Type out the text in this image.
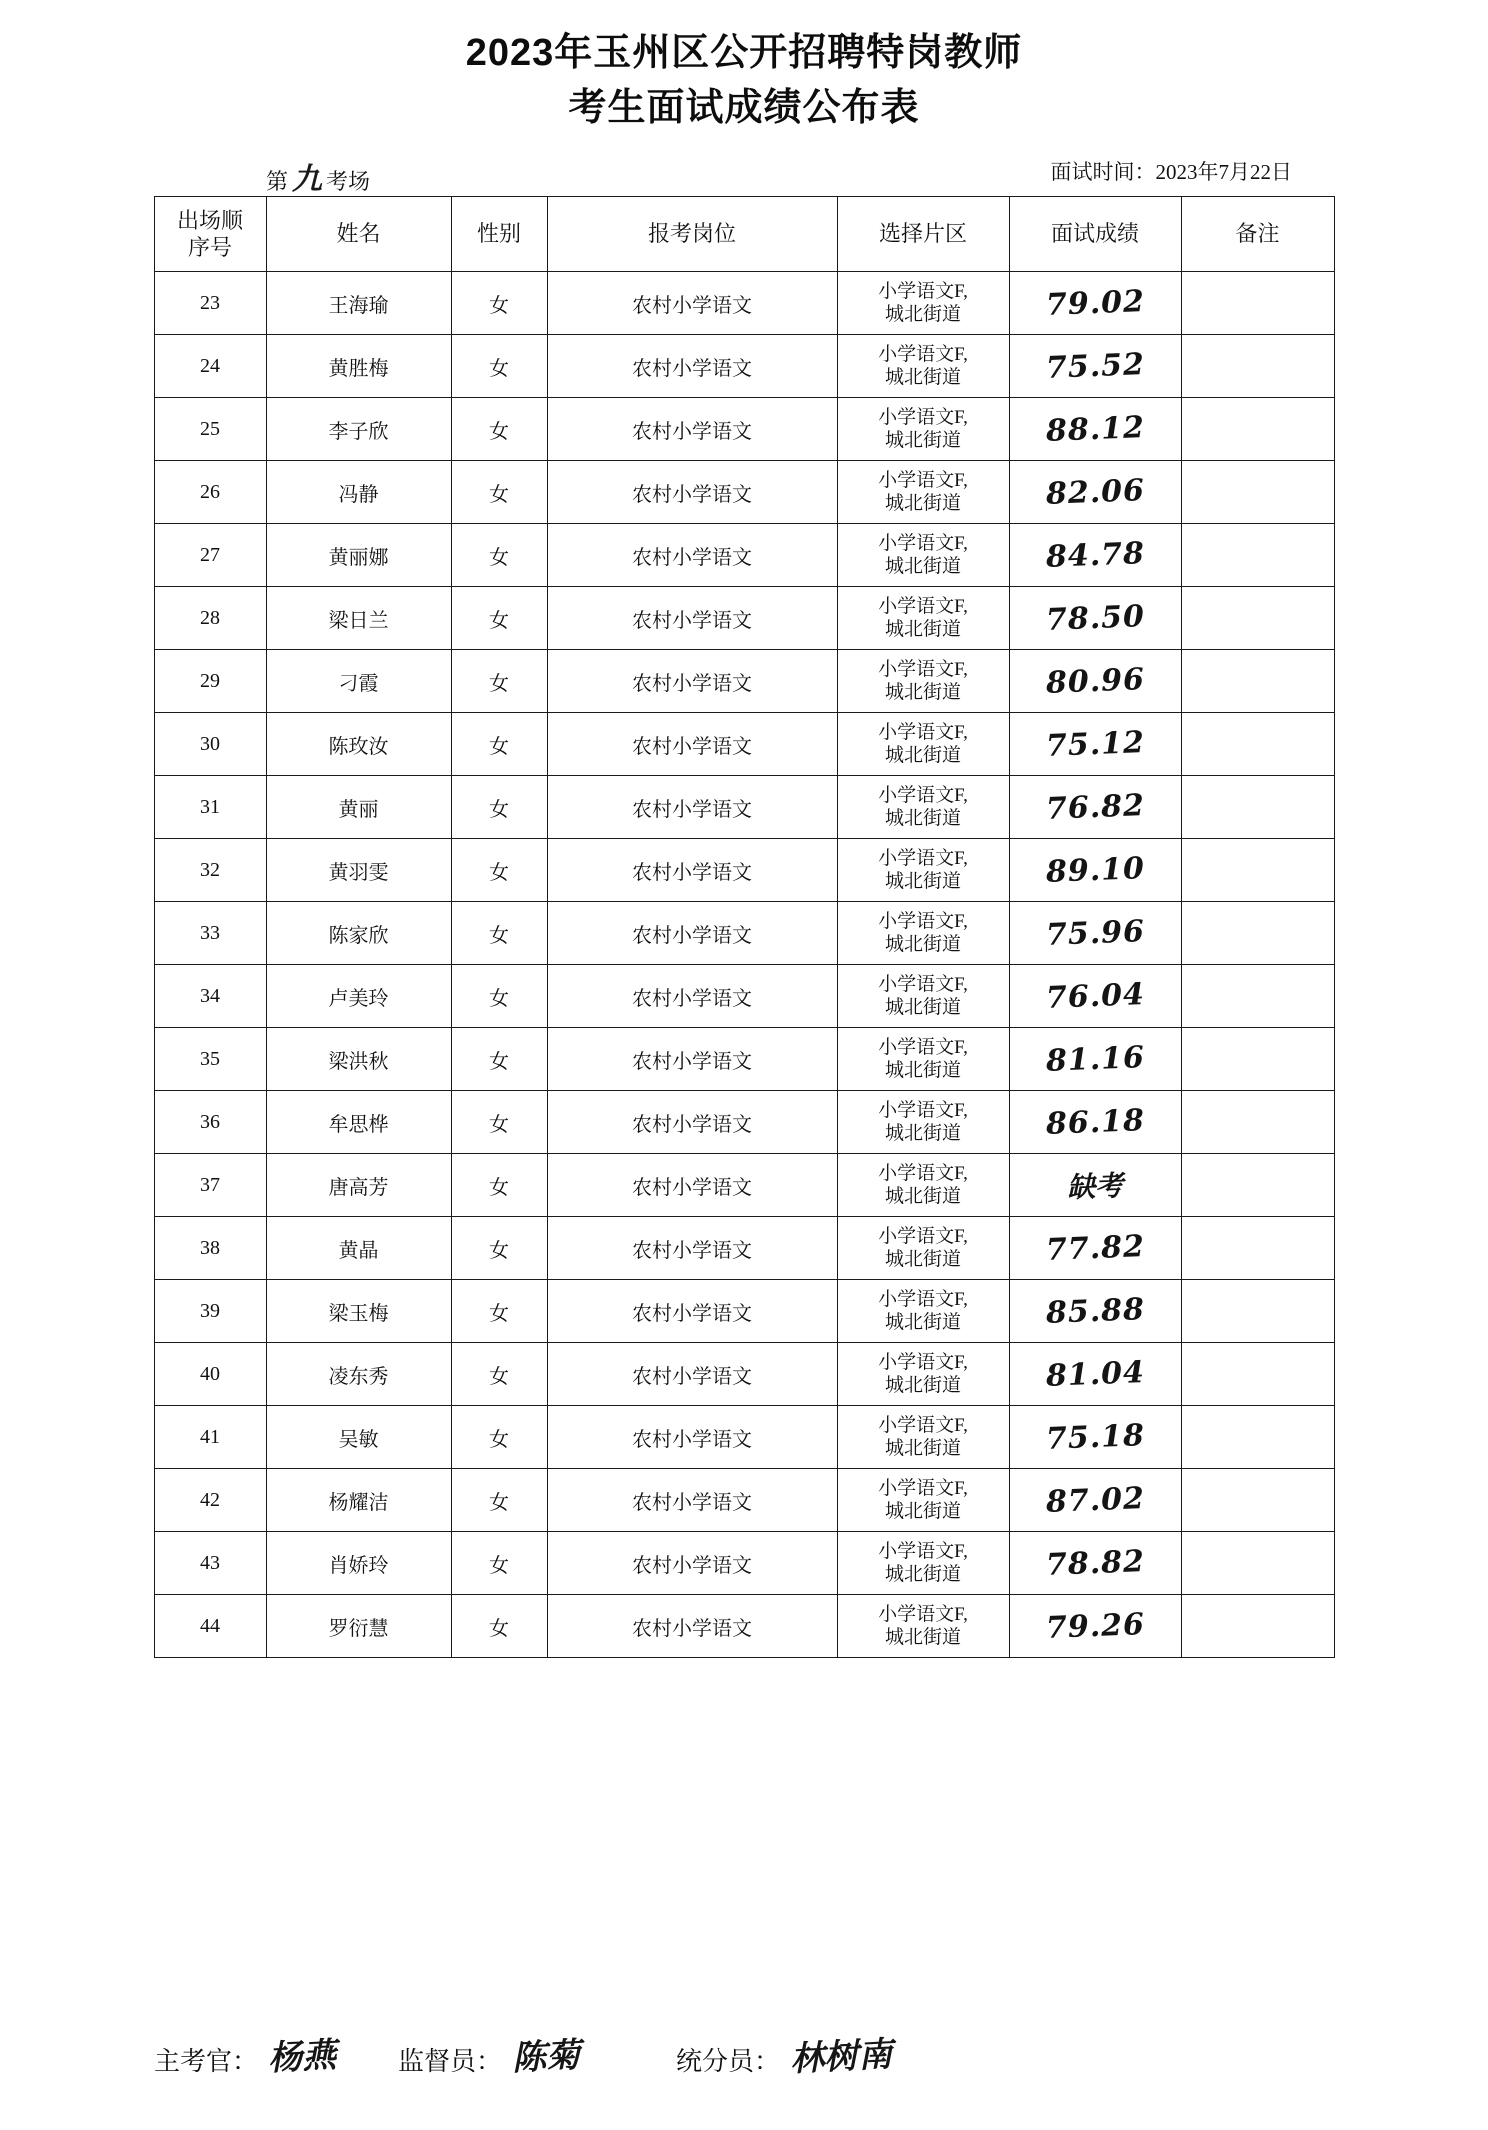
2023年玉州区公开招聘特岗教师
考生面试成绩公布表
第 九 考场	面试时间：2023年7月22日
出场顺
序号	姓名	性别	报考岗位	选择片区	面试成绩	备注
23	王海瑜	女	农村小学语文	小学语文F,
城北街道	79.02	
24	黄胜梅	女	农村小学语文	小学语文F,
城北街道	75.52	
25	李子欣	女	农村小学语文	小学语文F,
城北街道	88.12	
26	冯静	女	农村小学语文	小学语文F,
城北街道	82.06	
27	黄丽娜	女	农村小学语文	小学语文F,
城北街道	84.78	
28	梁日兰	女	农村小学语文	小学语文F,
城北街道	78.50	
29	刁霞	女	农村小学语文	小学语文F,
城北街道	80.96	
30	陈玫汝	女	农村小学语文	小学语文F,
城北街道	75.12	
31	黄丽	女	农村小学语文	小学语文F,
城北街道	76.82	
32	黄羽雯	女	农村小学语文	小学语文F,
城北街道	89.10	
33	陈家欣	女	农村小学语文	小学语文F,
城北街道	75.96	
34	卢美玲	女	农村小学语文	小学语文F,
城北街道	76.04	
35	梁洪秋	女	农村小学语文	小学语文F,
城北街道	81.16	
36	牟思桦	女	农村小学语文	小学语文F,
城北街道	86.18	
37	唐高芳	女	农村小学语文	小学语文F,
城北街道	缺考	
38	黄晶	女	农村小学语文	小学语文F,
城北街道	77.82	
39	梁玉梅	女	农村小学语文	小学语文F,
城北街道	85.88	
40	凌东秀	女	农村小学语文	小学语文F,
城北街道	81.04	
41	吴敏	女	农村小学语文	小学语文F,
城北街道	75.18	
42	杨耀洁	女	农村小学语文	小学语文F,
城北街道	87.02	
43	肖娇玲	女	农村小学语文	小学语文F,
城北街道	78.82	
44	罗衍慧	女	农村小学语文	小学语文F,
城北街道	79.26	
主考官： 杨燕	监督员： 陈菊	统分员： 林树南
